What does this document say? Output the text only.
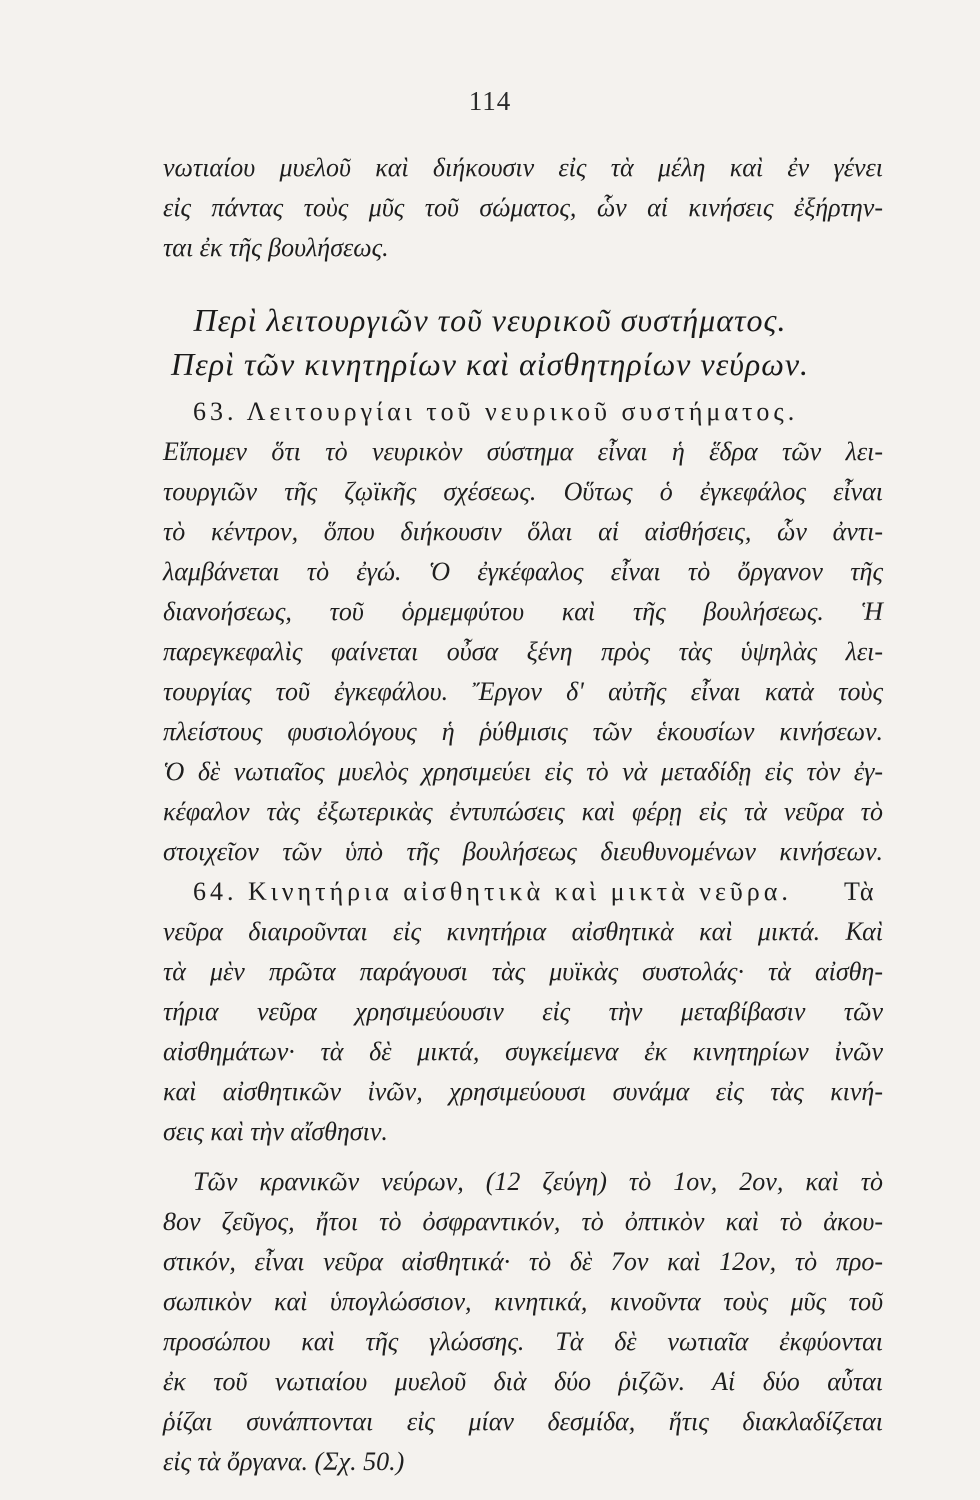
114
νωτιαίου μυελοῦ καὶ διήκουσιν εἰς τὰ μέλη καὶ ἐν γένει
εἰς πάντας τοὺς μῦς τοῦ σώματος, ὧν αἱ κινήσεις ἐξήρτην-
ται ἐκ τῆς βουλήσεως.
Περὶ λειτουργιῶν τοῦ νευρικοῦ συστήματος.
Περὶ τῶν κινητηρίων καὶ αἰσθητηρίων νεύρων.
63. Λειτουργίαι τοῦ νευρικοῦ συστήματος.
Εἴπομεν ὅτι τὸ νευρικὸν σύστημα εἶναι ἡ ἕδρα τῶν λει-
τουργιῶν τῆς ζῳϊκῆς σχέσεως. Οὕτως ὁ ἐγκεφάλος εἶναι
τὸ κέντρον, ὅπου διήκουσιν ὅλαι αἱ αἰσθήσεις, ὧν ἀντι-
λαμβάνεται τὸ ἐγώ. Ὁ ἐγκέφαλος εἶναι τὸ ὄργανον τῆς
διανοήσεως, τοῦ ὁρμεμφύτου καὶ τῆς βουλήσεως. Ἡ
παρεγκεφαλὶς φαίνεται οὖσα ξένη πρὸς τὰς ὑψηλὰς λει-
τουργίας τοῦ ἐγκεφάλου. Ἔργον δ' αὐτῆς εἶναι κατὰ τοὺς
πλείστους φυσιολόγους ἡ ῥύθμισις τῶν ἑκουσίων κινήσεων.
Ὁ δὲ νωτιαῖος μυελὸς χρησιμεύει εἰς τὸ νὰ μεταδίδῃ εἰς τὸν ἐγ-
κέφαλον τὰς ἐξωτερικὰς ἐντυπώσεις καὶ φέρῃ εἰς τὰ νεῦρα τὸ
στοιχεῖον τῶν ὑπὸ τῆς βουλήσεως διευθυνομένων κινήσεων.
64. Κινητήρια αἰσθητικὰ καὶ μικτὰ νεῦρα. Τὰ
νεῦρα διαιροῦνται εἰς κινητήρια αἰσθητικὰ καὶ μικτά. Καὶ
τὰ μὲν πρῶτα παράγουσι τὰς μυϊκὰς συστολάς· τὰ αἰσθη-
τήρια νεῦρα χρησιμεύουσιν εἰς τὴν μεταβίβασιν τῶν
αἰσθημάτων· τὰ δὲ μικτά, συγκείμενα ἐκ κινητηρίων ἰνῶν
καὶ αἰσθητικῶν ἰνῶν, χρησιμεύουσι συνάμα εἰς τὰς κινή-
σεις καὶ τὴν αἴσθησιν.
Τῶν κρανικῶν νεύρων, (12 ζεύγη) τὸ 1ον, 2ον, καὶ τὸ
8ον ζεῦγος, ἤτοι τὸ ὀσφραντικόν, τὸ ὀπτικὸν καὶ τὸ ἀκου-
στικόν, εἶναι νεῦρα αἰσθητικά· τὸ δὲ 7ον καὶ 12ον, τὸ προ-
σωπικὸν καὶ ὑπογλώσσιον, κινητικά, κινοῦντα τοὺς μῦς τοῦ
προσώπου καὶ τῆς γλώσσης. Τὰ δὲ νωτιαῖα ἐκφύονται
ἐκ τοῦ νωτιαίου μυελοῦ διὰ δύο ῥιζῶν. Αἱ δύο αὗται
ῥίζαι συνάπτονται εἰς μίαν δεσμίδα, ἥτις διακλαδίζεται
εἰς τὰ ὄργανα. (Σχ. 50.)
